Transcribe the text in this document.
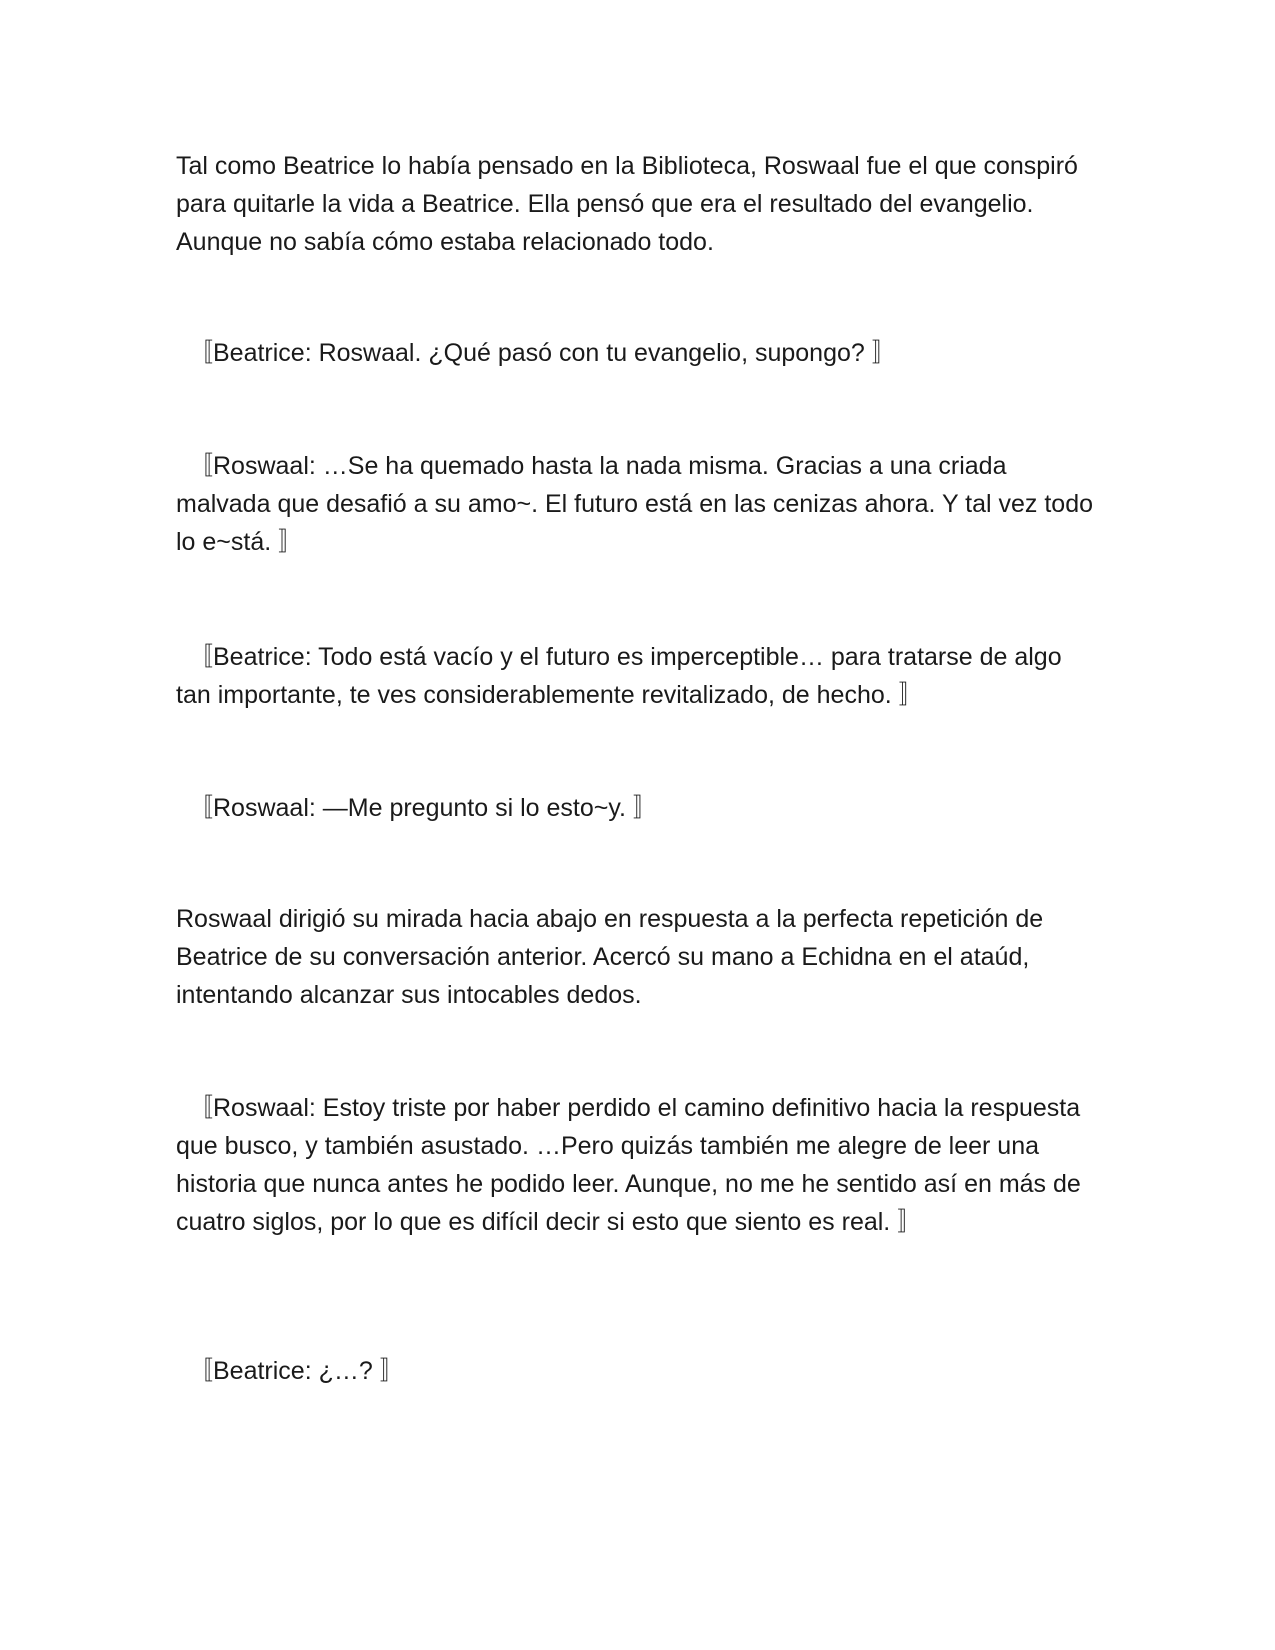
Tal como Beatrice lo había pensado en la Biblioteca, Roswaal fue el que conspiró para quitarle la vida a Beatrice. Ella pensó que era el resultado del evangelio. Aunque no sabía cómo estaba relacionado todo.

〚Beatrice: Roswaal. ¿Qué pasó con tu evangelio, supongo? 〛

〚Roswaal: …Se ha quemado hasta la nada misma. Gracias a una criada malvada que desafió a su amo~. El futuro está en las cenizas ahora. Y tal vez todo lo e~stá. 〛

〚Beatrice: Todo está vacío y el futuro es imperceptible… para tratarse de algo tan importante, te ves considerablemente revitalizado, de hecho. 〛

〚Roswaal: —Me pregunto si lo esto~y. 〛

Roswaal dirigió su mirada hacia abajo en respuesta a la perfecta repetición de Beatrice de su conversación anterior. Acercó su mano a Echidna en el ataúd, intentando alcanzar sus intocables dedos.

〚Roswaal: Estoy triste por haber perdido el camino definitivo hacia la respuesta que busco, y también asustado. …Pero quizás también me alegre de leer una historia que nunca antes he podido leer. Aunque, no me he sentido así en más de cuatro siglos, por lo que es difícil decir si esto que siento es real. 〛

〚Beatrice: ¿…? 〛
